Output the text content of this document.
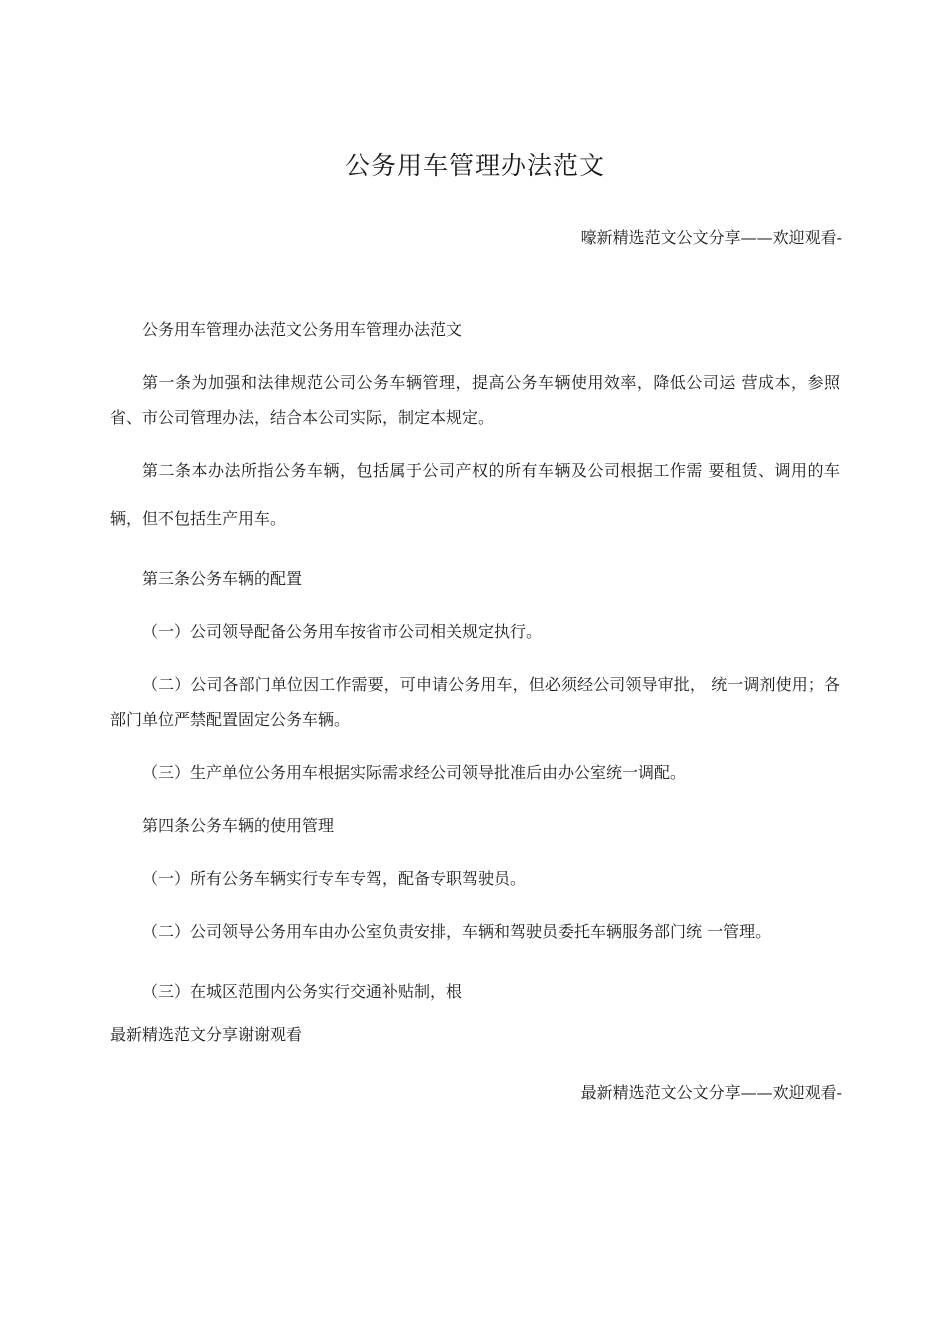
公务用车管理办法范文
嚎新精选范文公文分享——欢迎观看-

公务用车管理办法范文公务用车管理办法范文

第一条为加强和法律规范公司公务车辆管理，提高公务车辆使用效率，降低公司运 营成本，参照省、市公司管理办法，结合本公司实际，制定本规定。

第二条本办法所指公务车辆，包括属于公司产权的所有车辆及公司根据工作需 要租赁、调用的车辆，但不包括生产用车。

第三条公务车辆的配置

（一）公司领导配备公务用车按省市公司相关规定执行。

（二）公司各部门单位因工作需要，可申请公务用车，但必须经公司领导审批， 统一调剂使用；各部门单位严禁配置固定公务车辆。

（三）生产单位公务用车根据实际需求经公司领导批准后由办公室统一调配。

第四条公务车辆的使用管理

（一）所有公务车辆实行专车专驾，配备专职驾驶员。

（二）公司领导公务用车由办公室负责安排，车辆和驾驶员委托车辆服务部门统 一管理。

（三）在城区范围内公务实行交通补贴制，根

最新精选范文分享谢谢观看

最新精选范文公文分享——欢迎观看-
